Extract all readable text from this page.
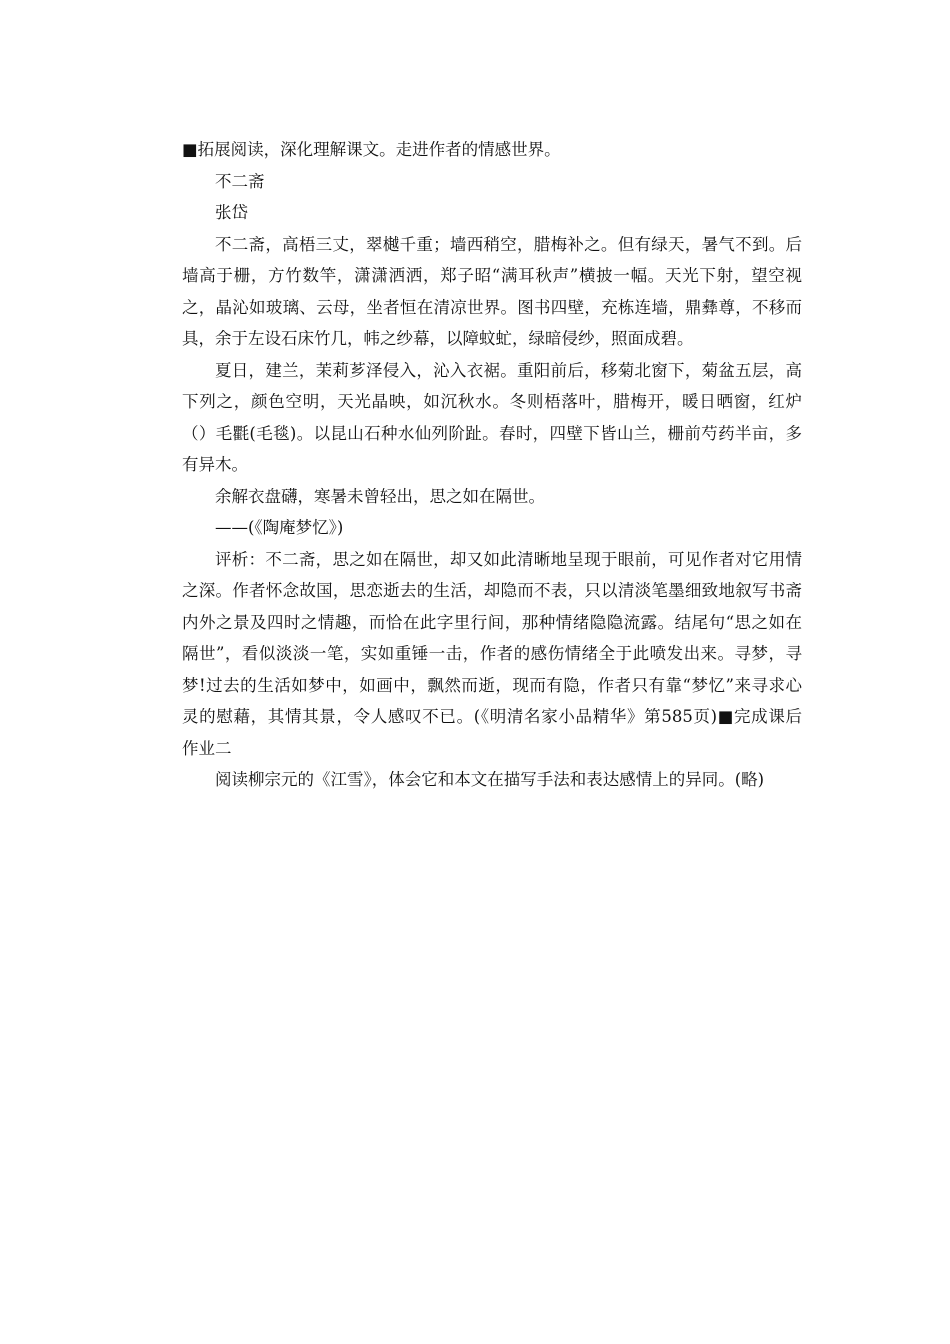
■拓展阅读，深化理解课文。走进作者的情感世界。

不二斋

张岱

不二斋，高梧三丈，翠樾千重；墙西稍空，腊梅补之。但有绿天，暑气不到。后

墙高于栅，方竹数竿，潇潇洒洒，郑子昭“满耳秋声”横披一幅。天光下射，望空视

之，晶沁如玻璃、云母，坐者恒在清凉世界。图书四壁，充栋连墙，鼎彝尊，不移而

具，余于左设石床竹几，帏之纱幕，以障蚊虻，绿暗侵纱，照面成碧。

夏日，建兰，茉莉芗泽侵入，沁入衣裾。重阳前后，移菊北窗下，菊盆五层，高

下列之，颜色空明，天光晶映，如沉秋水。冬则梧落叶，腊梅开，暖日晒窗，红炉

（）毛氍(毛毯)。以昆山石种水仙列阶趾。春时，四壁下皆山兰，栅前芍药半亩，多

有异木。

余解衣盘礴，寒暑未曾轻出，思之如在隔世。

——(《陶庵梦忆》)

评析：不二斋，思之如在隔世，却又如此清晰地呈现于眼前，可见作者对它用情

之深。作者怀念故国，思恋逝去的生活，却隐而不表，只以清淡笔墨细致地叙写书斋

内外之景及四时之情趣，而恰在此字里行间，那种情绪隐隐流露。结尾句“思之如在

隔世”，看似淡淡一笔，实如重锤一击，作者的感伤情绪全于此喷发出来。寻梦，寻

梦!过去的生活如梦中，如画中，飘然而逝，现而有隐，作者只有靠“梦忆”来寻求心

灵的慰藉，其情其景，令人感叹不已。(《明清名家小品精华》第585页)■完成课后

作业二

阅读柳宗元的《江雪》，体会它和本文在描写手法和表达感情上的异同。(略)
